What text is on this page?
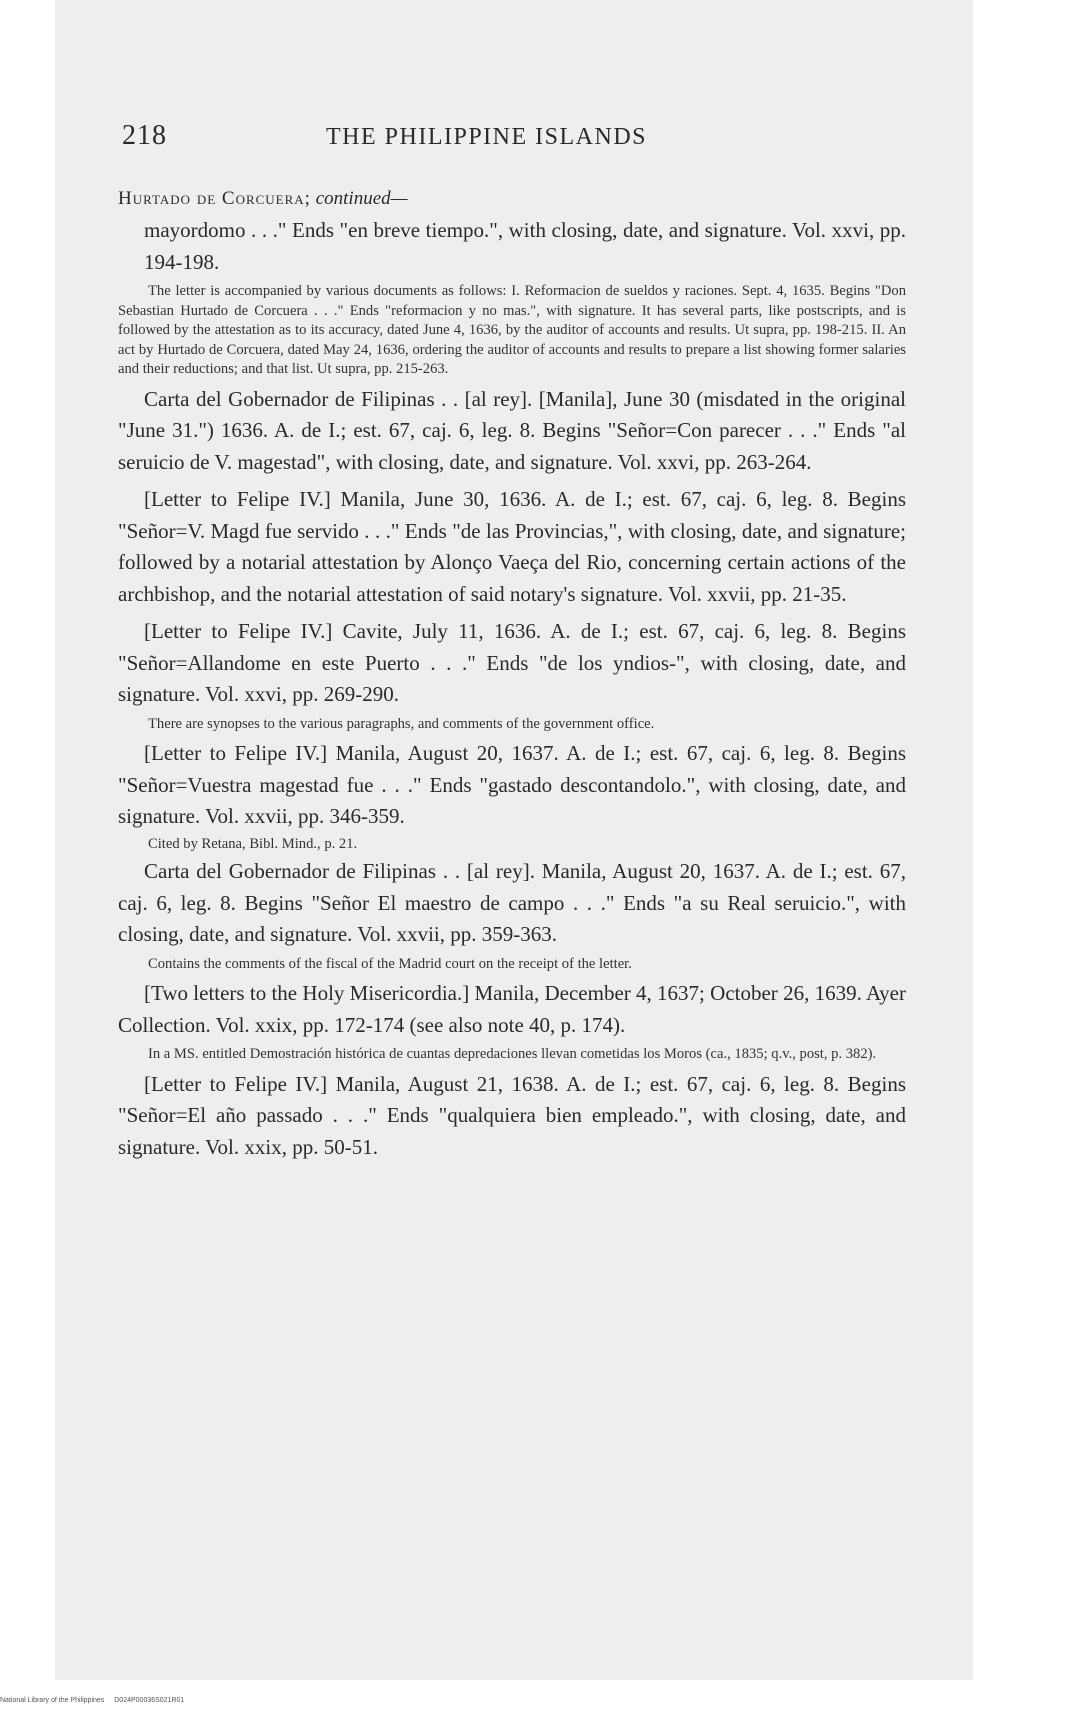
218	THE PHILIPPINE ISLANDS

Hurtado de Corcuera; continued—

mayordomo . . ." Ends "en breve tiempo.", with closing, date, and signature. Vol. xxvi, pp. 194-198.

The letter is accompanied by various documents as follows: I. Reformacion de sueldos y raciones. Sept. 4, 1635. Begins "Don Sebastian Hurtado de Corcuera . . ." Ends "reformacion y no mas.", with signature. It has several parts, like postscripts, and is followed by the attestation as to its accuracy, dated June 4, 1636, by the auditor of accounts and results. Ut supra, pp. 198-215. II. An act by Hurtado de Corcuera, dated May 24, 1636, ordering the auditor of accounts and results to prepare a list showing former salaries and their reductions; and that list. Ut supra, pp. 215-263.

Carta del Gobernador de Filipinas . . [al rey]. [Manila], June 30 (misdated in the original "June 31.") 1636. A. de I.; est. 67, caj. 6, leg. 8. Begins "Señor=Con parecer . . ." Ends "al seruicio de V. magestad", with closing, date, and signature. Vol. xxvi, pp. 263-264.

[Letter to Felipe IV.] Manila, June 30, 1636. A. de I.; est. 67, caj. 6, leg. 8. Begins "Señor=V. Magd fue servido . . ." Ends "de las Provincias,", with closing, date, and signature; followed by a notarial attestation by Alonço Vaeça del Rio, concerning certain actions of the archbishop, and the notarial attestation of said notary's signature. Vol. xxvii, pp. 21-35.

[Letter to Felipe IV.] Cavite, July 11, 1636. A. de I.; est. 67, caj. 6, leg. 8. Begins "Señor=Allandome en este Puerto . . ." Ends "de los yndios-", with closing, date, and signature. Vol. xxvi, pp. 269-290.

There are synopses to the various paragraphs, and comments of the government office.

[Letter to Felipe IV.] Manila, August 20, 1637. A. de I.; est. 67, caj. 6, leg. 8. Begins "Señor=Vuestra magestad fue . . ." Ends "gastado descontandolo.", with closing, date, and signature. Vol. xxvii, pp. 346-359.

Cited by Retana, Bibl. Mind., p. 21.

Carta del Gobernador de Filipinas . . [al rey]. Manila, August 20, 1637. A. de I.; est. 67, caj. 6, leg. 8. Begins "Señor El maestro de campo . . ." Ends "a su Real seruicio.", with closing, date, and signature. Vol. xxvii, pp. 359-363.

Contains the comments of the fiscal of the Madrid court on the receipt of the letter.

[Two letters to the Holy Misericordia.] Manila, December 4, 1637; October 26, 1639. Ayer Collection. Vol. xxix, pp. 172-174 (see also note 40, p. 174).

In a MS. entitled Demostración histórica de cuantas depredaciones llevan cometidas los Moros (ca., 1835; q.v., post, p. 382).

[Letter to Felipe IV.] Manila, August 21, 1638. A. de I.; est. 67, caj. 6, leg. 8. Begins "Señor=El año passado . . ." Ends "qualquiera bien empleado.", with closing, date, and signature. Vol. xxix, pp. 50-51.

National Library of the Philippines D024P00036S021R01
